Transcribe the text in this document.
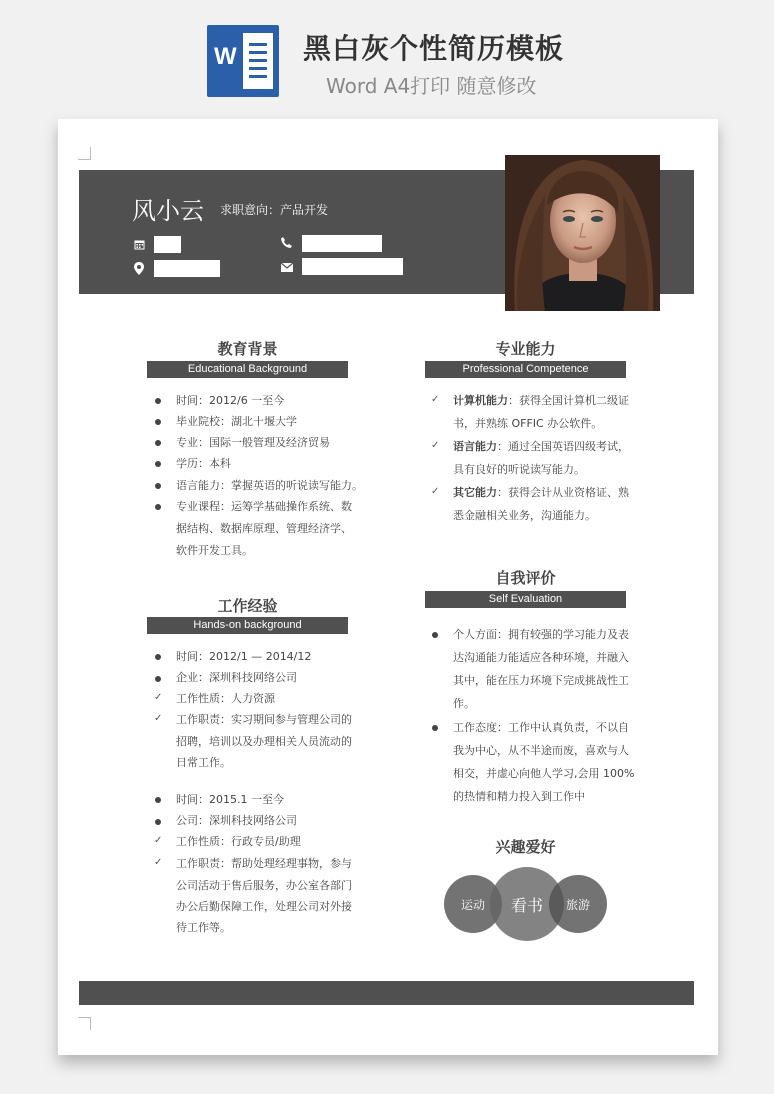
W 黑白灰个性简历模板
Word A4打印 随意修改
​
风小云 求职意向：产品开发
教育背景
Educational Background
时间：2012/6 一至今
毕业院校：湖北十堰大学
专业：国际一般管理及经济贸易
学历：本科
语言能力：掌握英语的听说读写能力。
专业课程：运筹学基础操作系统、数
据结构、数据库原理、管理经济学、
软件开发工具。
工作经验
Hands-on background
时间：2012/1 — 2014/12
企业：深圳科技网络公司
✓ 工作性质：人力资源
✓ 工作职责：实习期间参与管理公司的
招聘，培训以及办理相关人员流动的
日常工作。
时间：2015.1 一至今
公司：深圳科技网络公司
✓ 工作性质：行政专员/助理
✓ 工作职责：帮助处理经理事物，参与
公司活动于售后服务，办公室各部门
办公后勤保障工作，处理公司对外接
待工作等。
专业能力
Professional Competence
✓ 计算机能力：获得全国计算机二级证
书，并熟练 OFFIC 办公软件。
✓ 语言能力：通过全国英语四级考试，
具有良好的听说读写能力。
✓ 其它能力：获得会计从业资格证、熟
悉金融相关业务，沟通能力。
自我评价
Self Evaluation
个人方面：拥有较强的学习能力及表
达沟通能力能适应各种环境，并融入
其中，能在压力环境下完成挑战性工
作。
工作态度：工作中认真负责，不以自
我为中心，从不半途而废，喜欢与人
相交，并虚心向他人学习,会用 100%
的热情和精力投入到工作中
兴趣爱好
运动 看书 旅游
